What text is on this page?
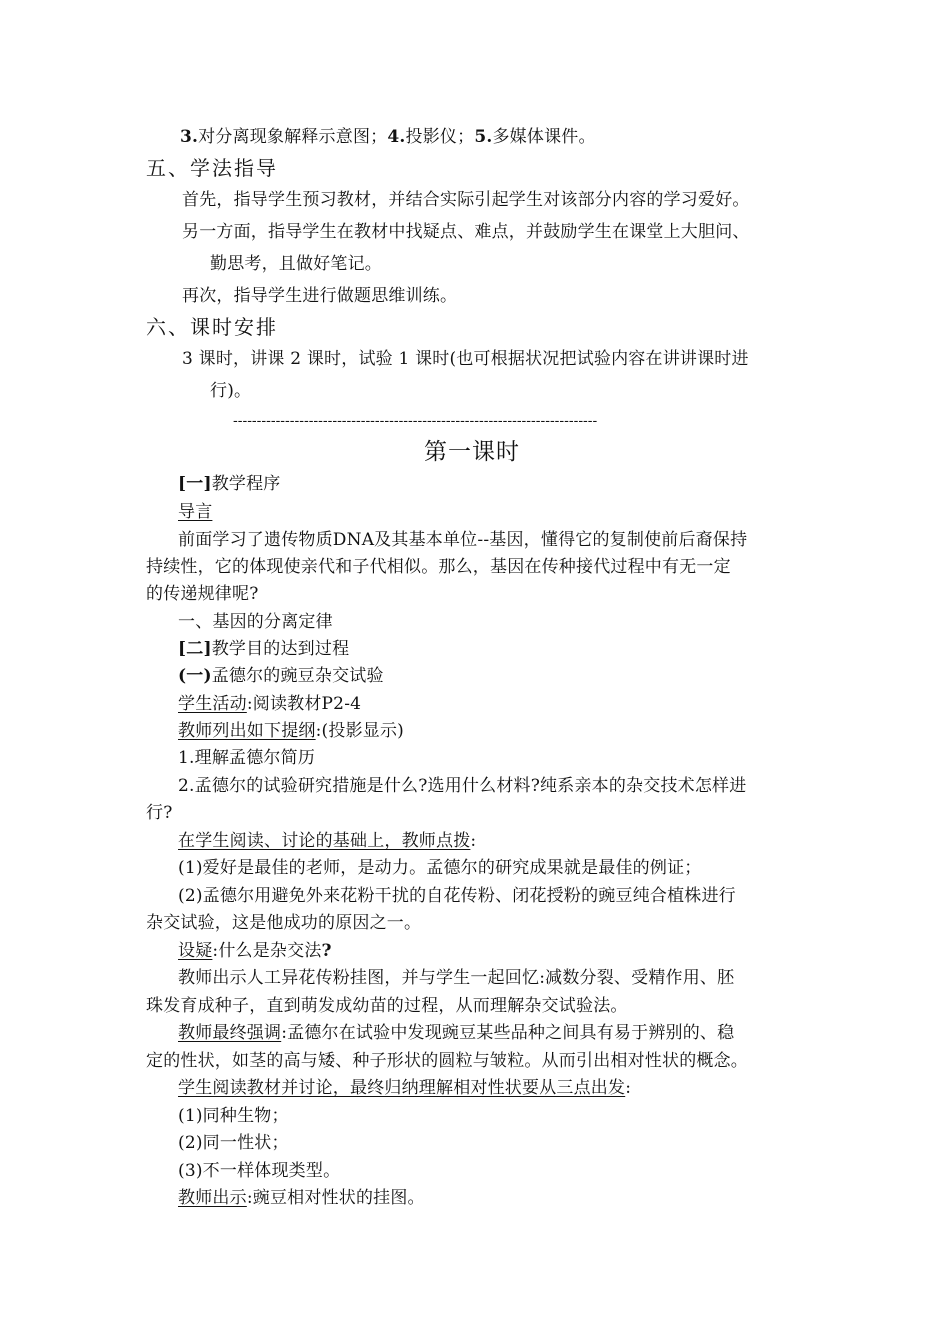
3.对分离现象解释示意图；4.投影仪；5.多媒体课件。
五、学法指导
首先，指导学生预习教材，并结合实际引起学生对该部分内容的学习爱好。
另一方面，指导学生在教材中找疑点、难点，并鼓励学生在课堂上大胆问、
勤思考，且做好笔记。
再次，指导学生进行做题思维训练。
六、课时安排
3 课时，讲课 2 课时，试验 1 课时(也可根据状况把试验内容在讲讲课时进
行)。
-----------------------------------------------------------------------------
第一课时
[一]教学程序
导言
前面学习了遗传物质DNA及其基本单位--基因，懂得它的复制使前后裔保持
持续性，它的体现使亲代和子代相似。那么，基因在传种接代过程中有无一定
的传递规律呢?
一、基因的分离定律
[二]教学目的达到过程
(一)孟德尔的豌豆杂交试验
学生活动:阅读教材P2-4
教师列出如下提纲:(投影显示)
1.理解孟德尔简历
2.孟德尔的试验研究措施是什么?选用什么材料?纯系亲本的杂交技术怎样进
行?
在学生阅读、讨论的基础上，教师点拨:
(1)爱好是最佳的老师，是动力。孟德尔的研究成果就是最佳的例证；
(2)孟德尔用避免外来花粉干扰的自花传粉、闭花授粉的豌豆纯合植株进行
杂交试验，这是他成功的原因之一。
设疑:什么是杂交法?
教师出示人工异花传粉挂图，并与学生一起回忆:减数分裂、受精作用、胚
珠发育成种子，直到萌发成幼苗的过程，从而理解杂交试验法。
教师最终强调:孟德尔在试验中发现豌豆某些品种之间具有易于辨别的、稳
定的性状，如茎的高与矮、种子形状的圆粒与皱粒。从而引出相对性状的概念。
学生阅读教材并讨论，最终归纳理解相对性状要从三点出发:
(1)同种生物；
(2)同一性状；
(3)不一样体现类型。
教师出示:豌豆相对性状的挂图。
